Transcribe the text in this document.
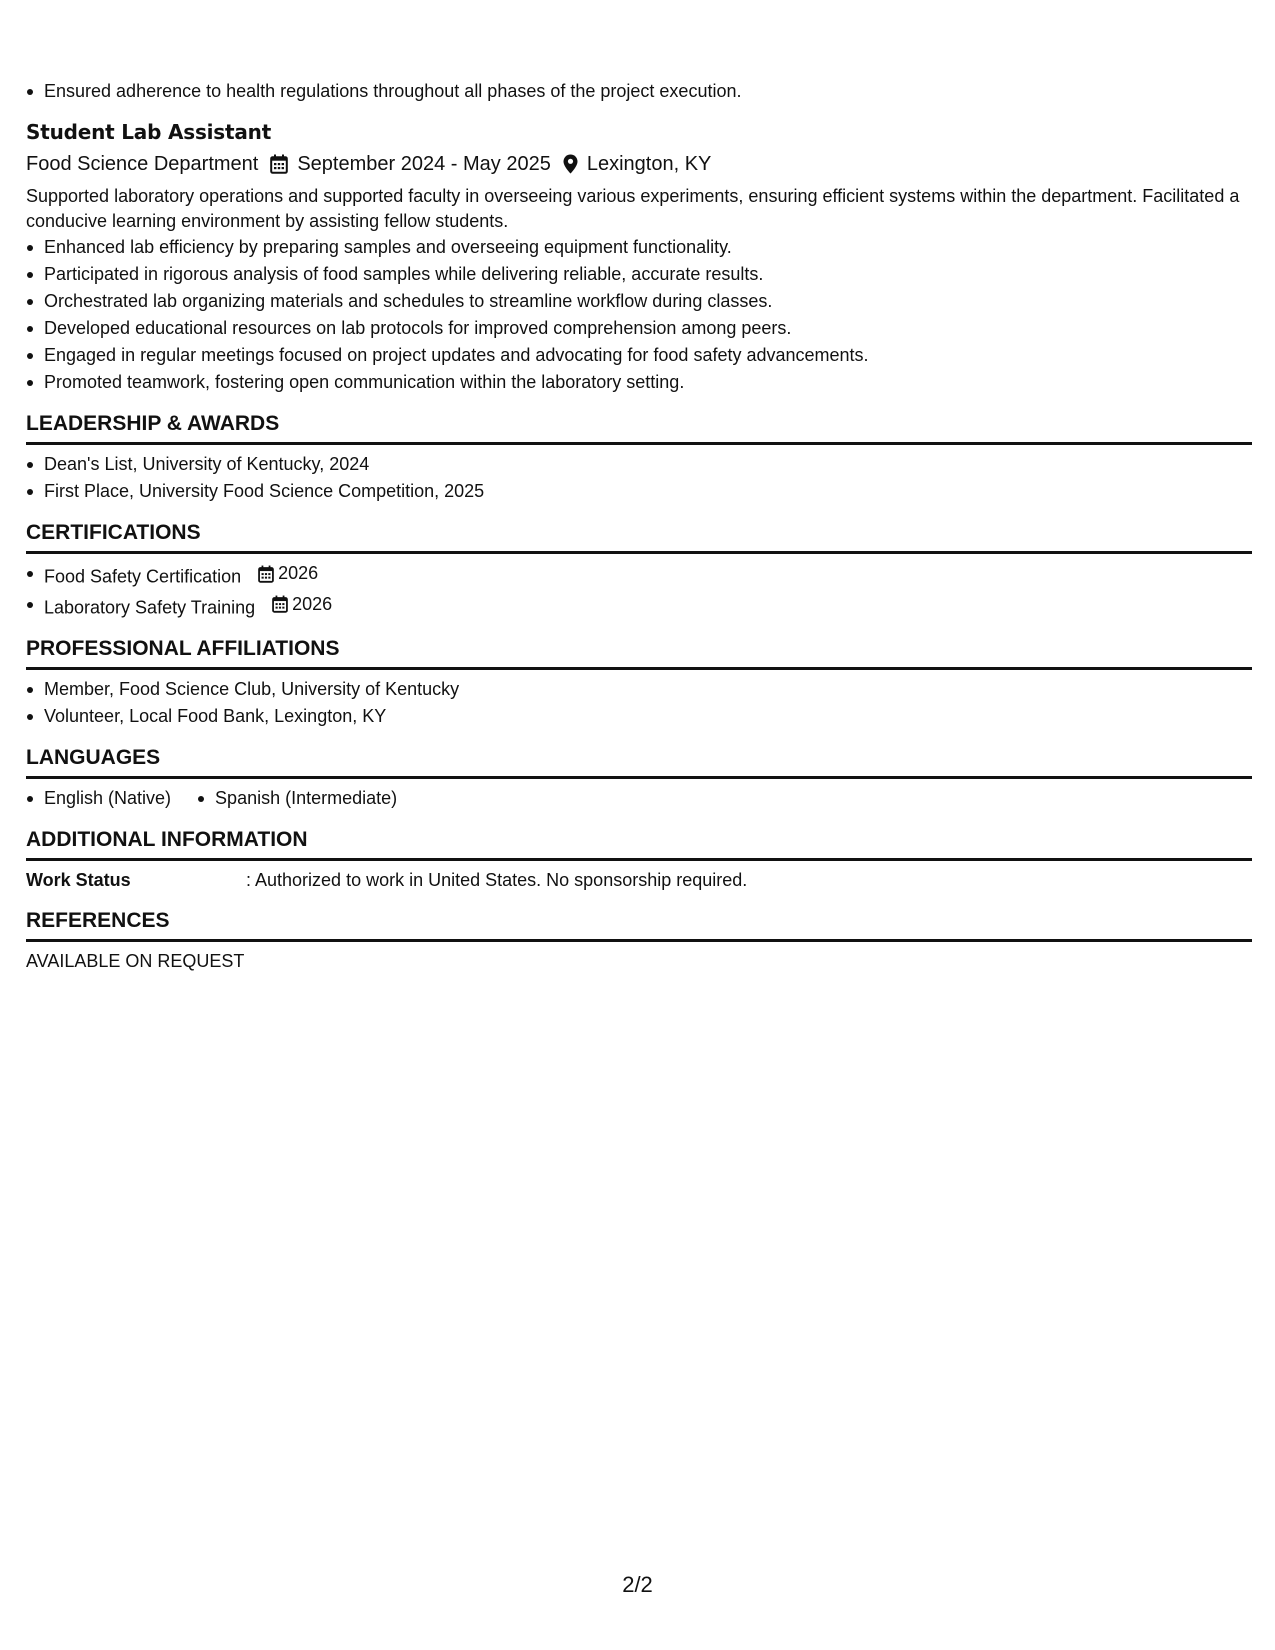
Ensured adherence to health regulations throughout all phases of the project execution.
Student Lab Assistant
Food Science Department September 2024 - May 2025 Lexington, KY
Supported laboratory operations and supported faculty in overseeing various experiments, ensuring efficient systems within the department. Facilitated a conducive learning environment by assisting fellow students.
Enhanced lab efficiency by preparing samples and overseeing equipment functionality.
Participated in rigorous analysis of food samples while delivering reliable, accurate results.
Orchestrated lab organizing materials and schedules to streamline workflow during classes.
Developed educational resources on lab protocols for improved comprehension among peers.
Engaged in regular meetings focused on project updates and advocating for food safety advancements.
Promoted teamwork, fostering open communication within the laboratory setting.
LEADERSHIP & AWARDS
Dean's List, University of Kentucky, 2024
First Place, University Food Science Competition, 2025
CERTIFICATIONS
Food Safety Certification 2026
Laboratory Safety Training 2026
PROFESSIONAL AFFILIATIONS
Member, Food Science Club, University of Kentucky
Volunteer, Local Food Bank, Lexington, KY
LANGUAGES
English (Native) Spanish (Intermediate)
ADDITIONAL INFORMATION
Work Status	: Authorized to work in United States. No sponsorship required.
REFERENCES
AVAILABLE ON REQUEST
2/2
